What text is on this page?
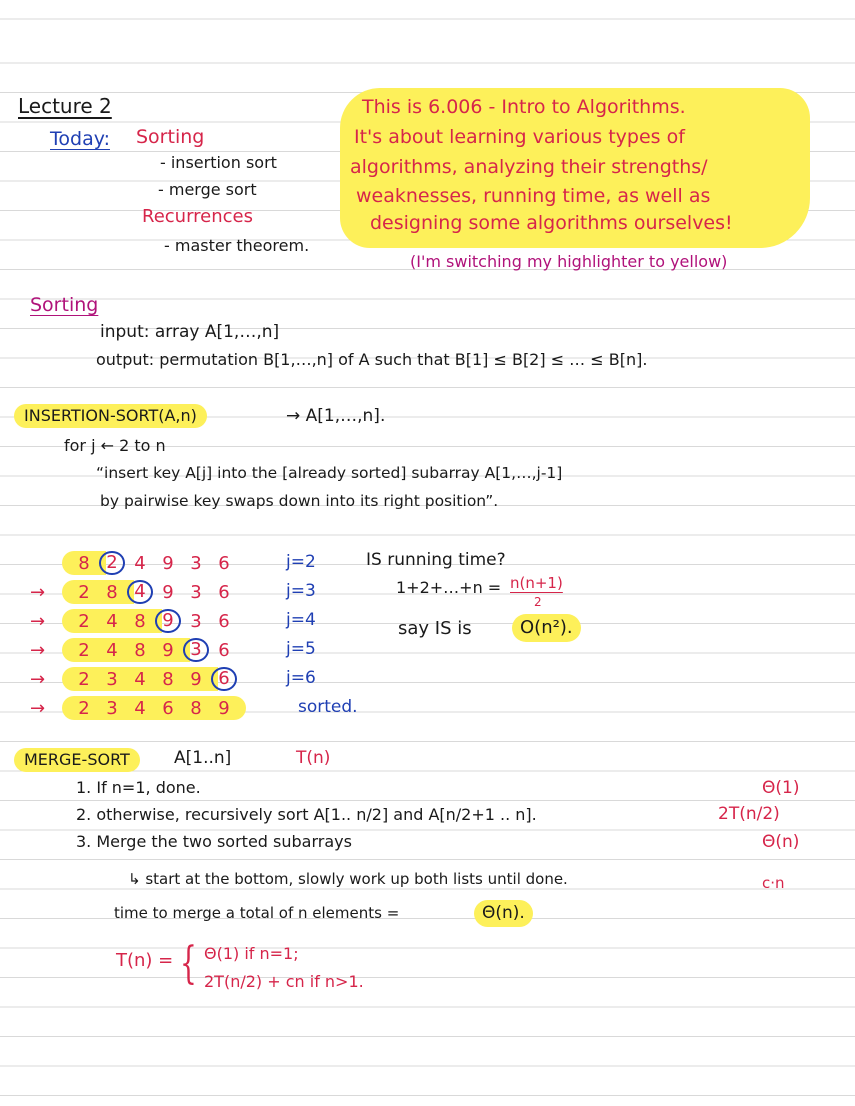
Lecture 2
Today: Sorting
- insertion sort
- merge sort
Recurrences
- master theorem.
This is 6.006 - Intro to Algorithms.
It's about learning various types of
algorithms, analyzing their strengths/
weaknesses, running time, as well as
designing some algorithms ourselves!
(I'm switching my highlighter to yellow)
Sorting
input: array A[1,…,n]
output: permutation B[1,…,n] of A such that B[1] ≤ B[2] ≤ … ≤ B[n].
INSERTION-SORT(A,n)	→ A[1,…,n].
for j ← 2 to n
“insert key A[j] into the [already sorted] subarray A[1,…,j-1]
by pairwise key swaps down into its right position”.
8 2 4 9 3 6	j=2
→	2 8 4 9 3 6	j=3
→	2 4 8 9 3 6	j=4
→	2 4 8 9 3 6	j=5
→	2 3 4 8 9 6	j=6
→	2 3 4 6 8 9	sorted.
IS running time?
1+2+…+n = n(n+1)
2
say IS is	O(n²).
MERGE-SORT	A[1..n]	T(n)
1. If n=1, done.	Θ(1)
2. otherwise, recursively sort A[1.. n/2] and A[n/2+1 .. n].	2T(n/2)
3. Merge the two sorted subarrays	Θ(n)
↳ start at the bottom, slowly work up both lists until done.	c·n
time to merge a total of n elements =	Θ(n).
T(n) = { Θ(1) if n=1;
2T(n/2) + cn if n>1.
